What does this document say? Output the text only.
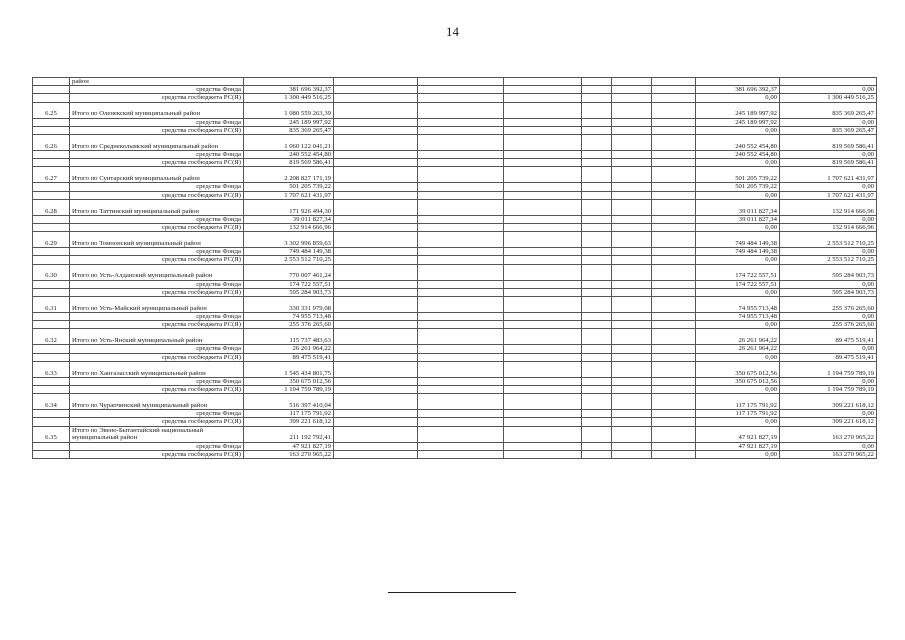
14
	район									
	средства Фонда	381 696 392,37							381 696 392,37	0,00
	средства госбюджета РС(Я)	1 300 449 516,25							0,00	1 300 449 516,25
6.25	Итого по Оленекский муниципальный район	1 080 559 263,39							245 189 997,92	835 369 265,47
	средства Фонда	245 189 997,92							245 189 997,92	0,00
	средства госбюджета РС(Я)	835 369 265,47							0,00	835 369 265,47
6.26	Итого по Среднеколымский муниципальный район	1 060 122 041,21							240 552 454,80	819 569 586,41
	средства Фонда	240 552 454,80							240 552 454,80	0,00
	средства госбюджета РС(Я)	819 569 586,41							0,00	819 569 586,41
6.27	Итого по Сунтарский муниципальный район	2 208 827 171,19							501 205 739,22	1 707 621 431,97
	средства Фонда	501 205 739,22							501 205 739,22	0,00
	средства госбюджета РС(Я)	1 707 621 431,97							0,00	1 707 621 431,97
6.28	Итого по Таттинский муниципальный район	171 926 494,30							39 011 827,34	132 914 666,96
	средства Фонда	39 011 827,34							39 011 827,34	0,00
	средства госбюджета РС(Я)	132 914 666,96							0,00	132 914 666,96
6.29	Итого по Томпонский муниципальный район	3 302 996 859,63							749 484 149,38	2 553 512 710,25
	средства Фонда	749 484 149,38							749 484 149,38	0,00
	средства госбюджета РС(Я)	2 553 512 710,25							0,00	2 553 512 710,25
6.30	Итого по Усть-Алданский муниципальный район	770 007 461,24							174 722 557,51	595 284 903,73
	средства Фонда	174 722 557,51							174 722 557,51	0,00
	средства госбюджета РС(Я)	595 284 903,73							0,00	595 284 903,73
6.31	Итого по Усть-Майский муниципальный район	330 331 979,08							74 955 713,48	255 376 265,60
	средства Фонда	74 955 713,48							74 955 713,48	0,00
	средства госбюджета РС(Я)	255 376 265,60							0,00	255 376 265,60
6.32	Итого по Усть-Янский муниципальный район	115 737 483,63							26 261 964,22	89 475 519,41
	средства Фонда	26 261 964,22							26 261 964,22	0,00
	средства госбюджета РС(Я)	89 475 519,41							0,00	89 475 519,41
6.33	Итого по Хангаласский муниципальный район	1 545 434 801,75							350 675 012,56	1 194 759 789,19
	средства Фонда	350 675 012,56							350 675 012,56	0,00
	средства госбюджета РС(Я)	1 194 759 789,19							0,00	1 194 759 789,19
6.34	Итого по Чурапчинский муниципальный район	516 397 410,04							117 175 791,92	399 221 618,12
	средства Фонда	117 175 791,92							117 175 791,92	0,00
	средства госбюджета РС(Я)	399 221 618,12							0,00	399 221 618,12
6.35	Итого по Эвено-Бытантайский национальный муниципальный район	211 192 792,41							47 921 827,19	163 270 965,22
	средства Фонда	47 921 827,19							47 921 827,19	0,00
	средства госбюджета РС(Я)	163 270 965,22							0,00	163 270 965,22
